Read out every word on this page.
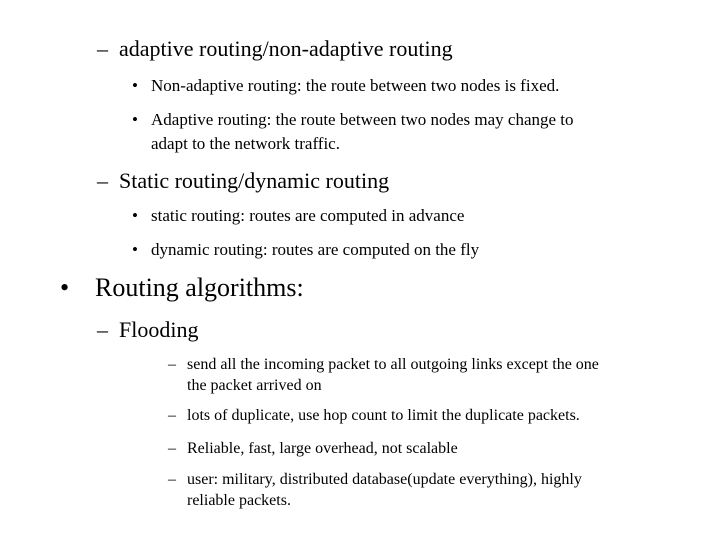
– adaptive routing/non-adaptive routing
• Non-adaptive routing: the route between two nodes is fixed.
• Adaptive routing: the route between two nodes may change to
adapt to the network traffic.
– Static routing/dynamic routing
• static routing: routes are computed in advance
• dynamic routing: routes are computed on the fly
• Routing algorithms:
– Flooding
– send all the incoming packet to all outgoing links except the one
the packet arrived on
– lots of duplicate, use hop count to limit the duplicate packets.
– Reliable, fast, large overhead, not scalable
– user: military, distributed database(update everything), highly
reliable packets.
